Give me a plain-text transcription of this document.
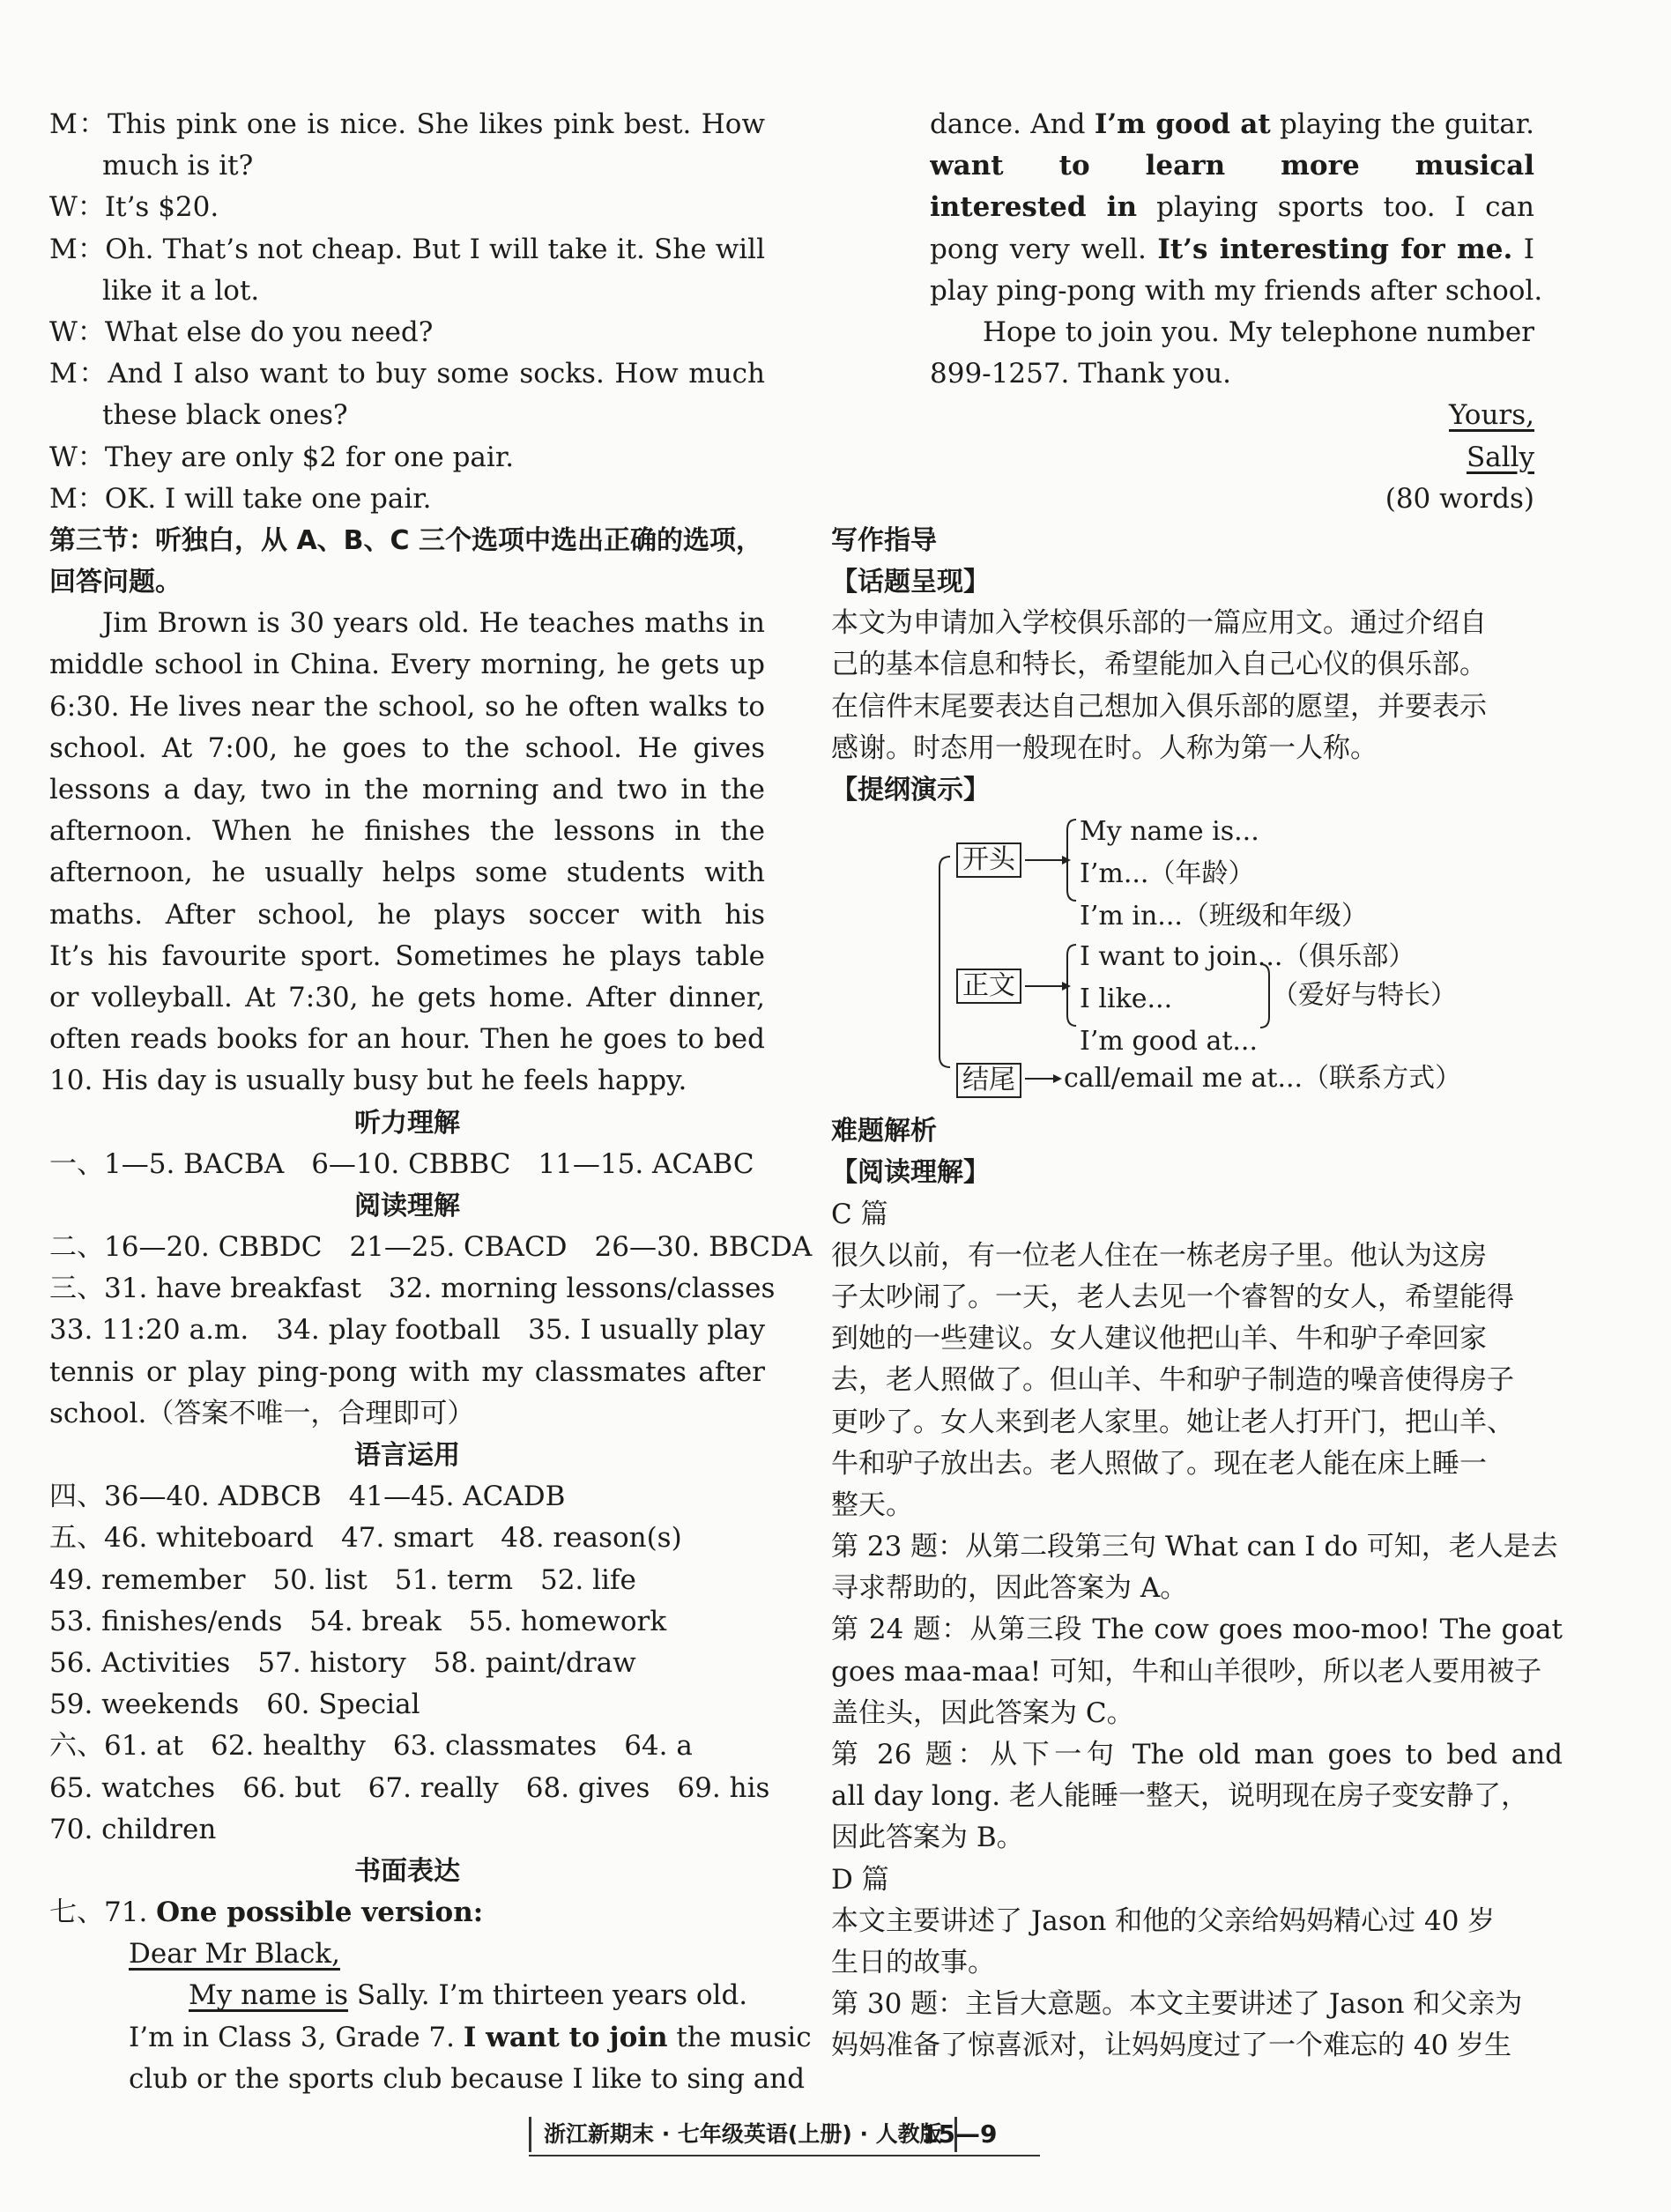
M：This pink one is nice. She likes pink best. How
much is it?
W：It’s $20.
M：Oh. That’s not cheap. But I will take it. She will
like it a lot.
W：What else do you need?
M：And I also want to buy some socks. How much
these black ones?
W：They are only $2 for one pair.
M：OK. I will take one pair.
第三节：听独白，从 A、B、C 三个选项中选出正确的选项，
回答问题。
Jim Brown is 30 years old. He teaches maths in
middle school in China. Every morning, he gets up
6:30. He lives near the school, so he often walks to
school. At 7:00, he goes to the school. He gives
lessons a day, two in the morning and two in the
afternoon. When he finishes the lessons in the
afternoon, he usually helps some students with
maths. After school, he plays soccer with his
It’s his favourite sport. Sometimes he plays table
or volleyball. At 7:30, he gets home. After dinner,
often reads books for an hour. Then he goes to bed
10. His day is usually busy but he feels happy.
听力理解
一、1—5. BACBA　6—10. CBBBC　11—15. ACABC
阅读理解
二、16—20. CBBDC　21—25. CBACD　26—30. BBCDA
三、31. have breakfast　32. morning lessons/classes
33. 11:20 a.m.　34. play football　35. I usually play
tennis or play ping-pong with my classmates after
school.（答案不唯一，合理即可）
语言运用
四、36—40. ADBCB　41—45. ACADB
五、46. whiteboard　47. smart　48. reason(s)
49. remember　50. list　51. term　52. life
53. finishes/ends　54. break　55. homework
56. Activities　57. history　58. paint/draw
59. weekends　60. Special
六、61. at　62. healthy　63. classmates　64. a
65. watches　66. but　67. really　68. gives　69. his
70. children
书面表达
七、71. One possible version:
Dear Mr Black,
My name is Sally. I’m thirteen years old.
I’m in Class 3, Grade 7. I want to join the music
club or the sports club because I like to sing and
dance. And I’m good at playing the guitar.
want to learn more musical
interested in playing sports too. I can
pong very well. It’s interesting for me. I
play ping-pong with my friends after school.
Hope to join you. My telephone number
899-1257. Thank you.
Yours,
Sally
(80 words)
写作指导
【话题呈现】
本文为申请加入学校俱乐部的一篇应用文。通过介绍自
己的基本信息和特长，希望能加入自己心仪的俱乐部。
在信件末尾要表达自己想加入俱乐部的愿望，并要表示
感谢。时态用一般现在时。人称为第一人称。
【提纲演示】
开头
My name is...
I’m...（年龄）
I’m in...（班级和年级）
正文
I want to join...（俱乐部）
I like...
I’m good at...
（爱好与特长）
结尾 call/email me at...（联系方式）
难题解析
【阅读理解】
C 篇
很久以前，有一位老人住在一栋老房子里。他认为这房
子太吵闹了。一天，老人去见一个睿智的女人，希望能得
到她的一些建议。女人建议他把山羊、牛和驴子牵回家
去，老人照做了。但山羊、牛和驴子制造的噪音使得房子
更吵了。女人来到老人家里。她让老人打开门，把山羊、
牛和驴子放出去。老人照做了。现在老人能在床上睡一
整天。
第 23 题：从第二段第三句 What can I do 可知，老人是去
寻求帮助的，因此答案为 A。
第 24 题：从第三段 The cow goes moo-moo! The goat
goes maa-maa! 可知，牛和山羊很吵，所以老人要用被子
盖住头，因此答案为 C。
第 26 题：从下一句 The old man goes to bed and
all day long. 老人能睡一整天，说明现在房子变安静了，
因此答案为 B。
D 篇
本文主要讲述了 Jason 和他的父亲给妈妈精心过 40 岁
生日的故事。
第 30 题：主旨大意题。本文主要讲述了 Jason 和父亲为
妈妈准备了惊喜派对，让妈妈度过了一个难忘的 40 岁生
浙江新期末 · 七年级英语(上册) · 人教版
15—9
